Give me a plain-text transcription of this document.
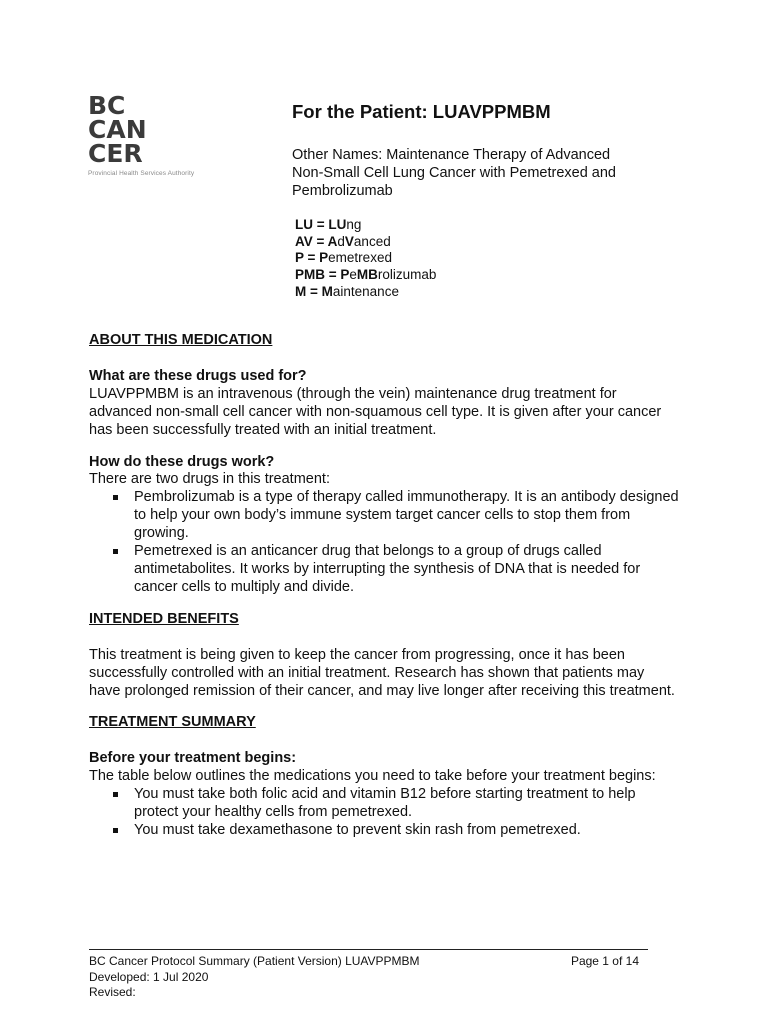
BC
CAN
CER
Provincial Health Services Authority
For the Patient: LUAVPPMBM
Other Names: Maintenance Therapy of Advanced
Non-Small Cell Lung Cancer with Pemetrexed and
Pembrolizumab
LU = LUng
AV = AdVanced
P = Pemetrexed
PMB = PeMBrolizumab
M = Maintenance

ABOUT THIS MEDICATION

What are these drugs used for?

LUAVPPMBM is an intravenous (through the vein) maintenance drug treatment for advanced non-small cell cancer with non-squamous cell type. It is given after your cancer has been successfully treated with an initial treatment.

How do these drugs work?

There are two drugs in this treatment:

Pembrolizumab is a type of therapy called immunotherapy. It is an antibody designed to help your own body’s immune system target cancer cells to stop them from growing.
Pemetrexed is an anticancer drug that belongs to a group of drugs called antimetabolites. It works by interrupting the synthesis of DNA that is needed for cancer cells to multiply and divide.

INTENDED BENEFITS

This treatment is being given to keep the cancer from progressing, once it has been successfully controlled with an initial treatment. Research has shown that patients may have prolonged remission of their cancer, and may live longer after receiving this treatment.

TREATMENT SUMMARY

Before your treatment begins:

The table below outlines the medications you need to take before your treatment begins:

You must take both folic acid and vitamin B12 before starting treatment to help protect your healthy cells from pemetrexed.
You must take dexamethasone to prevent skin rash from pemetrexed.
BC Cancer Protocol Summary (Patient Version) LUAVPPMBM	Page 1 of 14
Developed: 1 Jul 2020
Revised:
